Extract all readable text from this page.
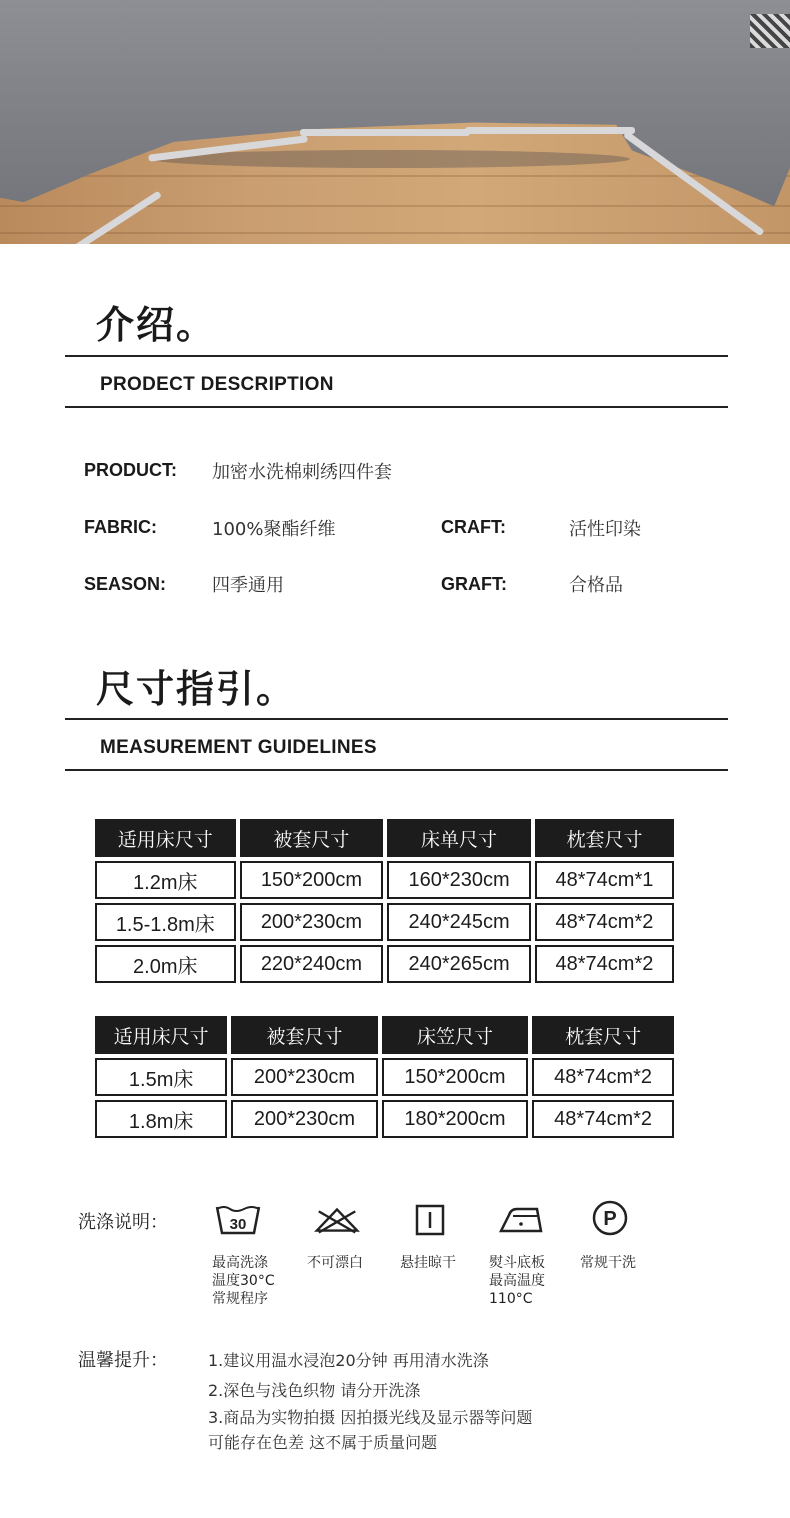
介绍。
PRODECT DESCRIPTION
PRODUCT: 加密水洗棉刺绣四件套
FABRIC:	100%聚酯纤维	CRAFT:	活性印染
SEASON:	四季通用	GRAFT:	合格品
尺寸指引。
MEASUREMENT GUIDELINES
适用床尺寸	被套尺寸	床单尺寸	枕套尺寸
1.2m床	150*200cm	160*230cm	48*74cm*1
1.5-1.8m床	200*230cm	240*245cm	48*74cm*2
2.0m床	220*240cm	240*265cm	48*74cm*2
适用床尺寸	被套尺寸	床笠尺寸	枕套尺寸
1.5m床	200*230cm	150*200cm	48*74cm*2
1.8m床	200*230cm	180*200cm	48*74cm*2
洗涤说明：	30	P
最高洗涤
温度30°C
常规程序
不可漂白	悬挂晾干	熨斗底板
最高温度
110°C
常规干洗
温馨提升：	1.建议用温水浸泡20分钟 再用清水洗涤
2.深色与浅色织物 请分开洗涤
3.商品为实物拍摄 因拍摄光线及显示器等问题
可能存在色差 这不属于质量问题
